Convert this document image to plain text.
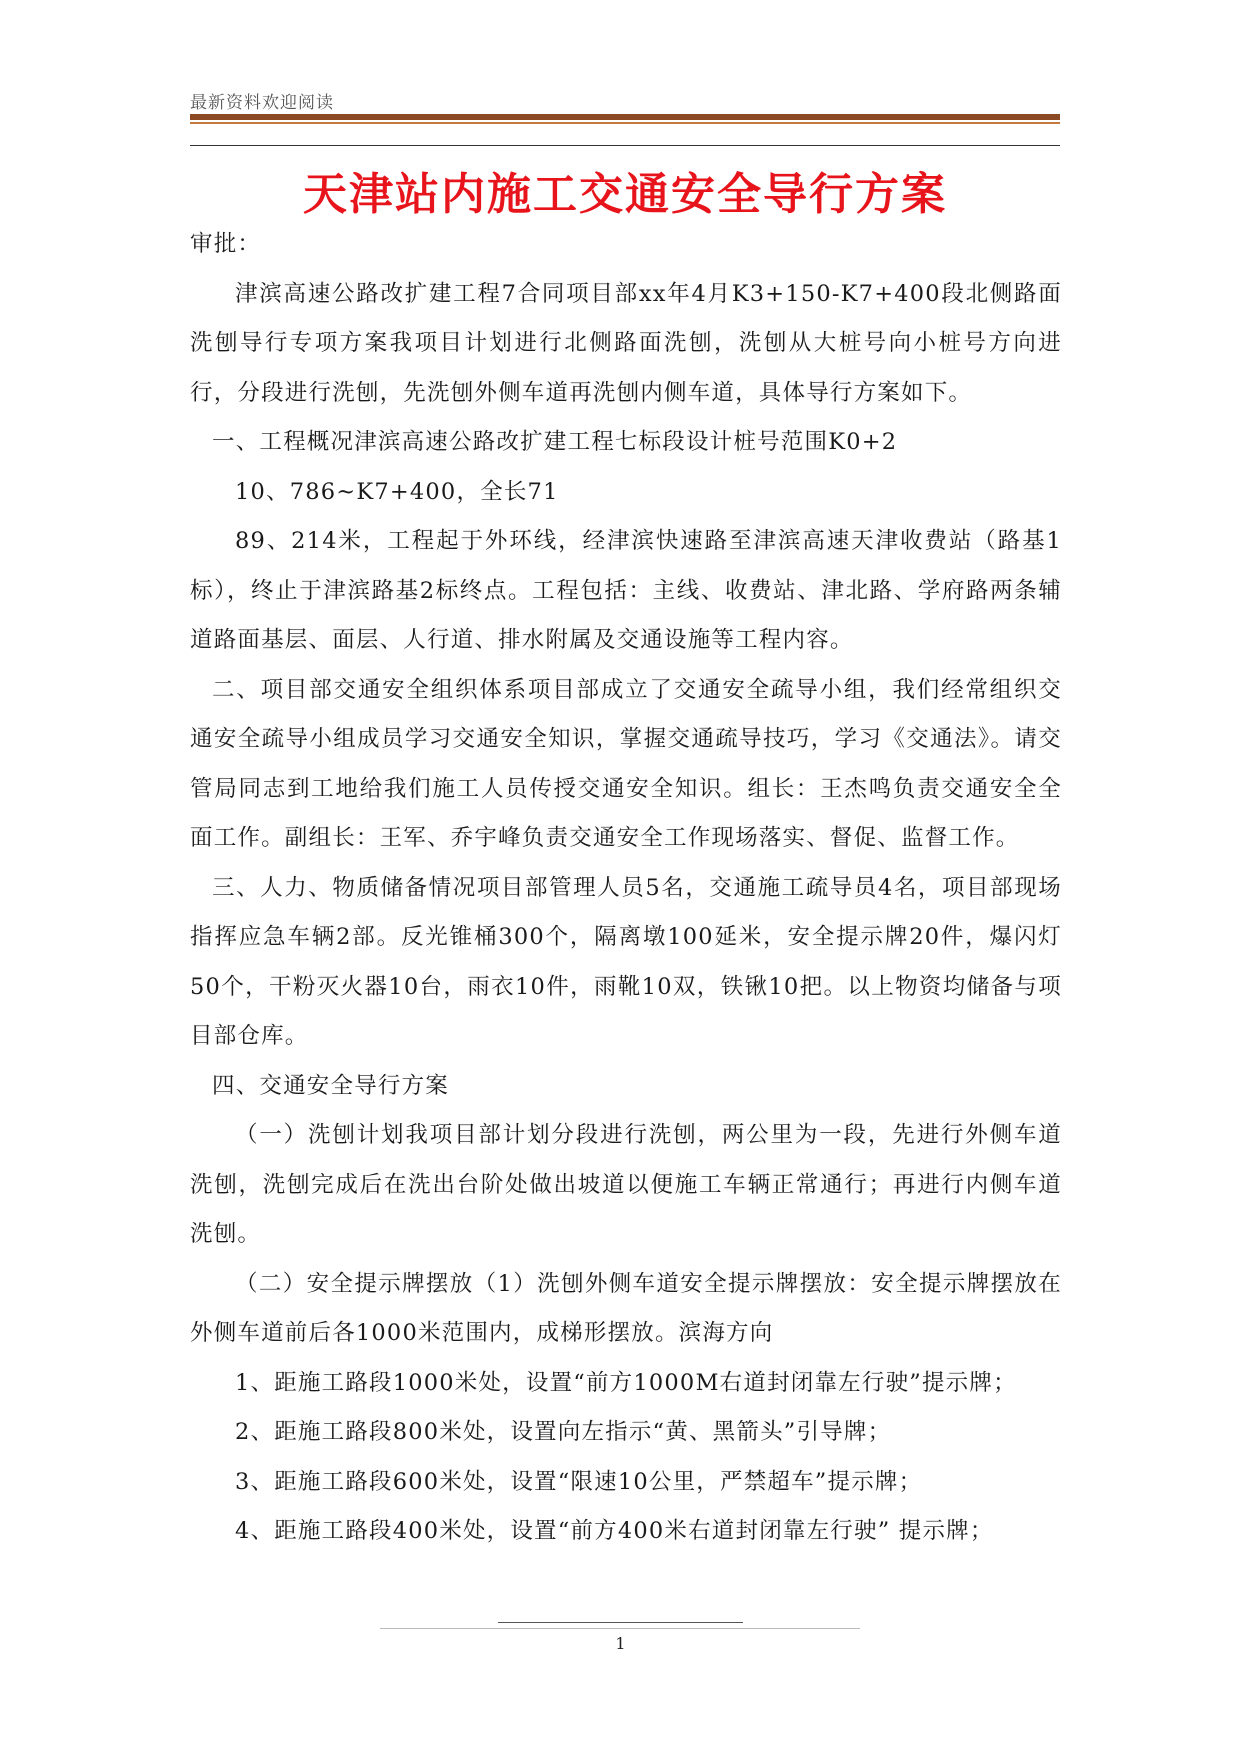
最新资料欢迎阅读
天津站内施工交通安全导行方案

审批：

津滨高速公路改扩建工程7合同项目部xx年4月K3+150-K7+400段北侧路面洗刨导行专项方案我项目计划进行北侧路面洗刨，洗刨从大桩号向小桩号方向进行，分段进行洗刨，先洗刨外侧车道再洗刨内侧车道，具体导行方案如下。

一、工程概况津滨高速公路改扩建工程七标段设计桩号范围K0+2

10、786~K7+400，全长71

89、214米，工程起于外环线，经津滨快速路至津滨高速天津收费站（路基1标），终止于津滨路基2标终点。工程包括：主线、收费站、津北路、学府路两条辅道路面基层、面层、人行道、排水附属及交通设施等工程内容。

二、项目部交通安全组织体系项目部成立了交通安全疏导小组，我们经常组织交通安全疏导小组成员学习交通安全知识，掌握交通疏导技巧，学习《交通法》。请交管局同志到工地给我们施工人员传授交通安全知识。组长：王杰鸣负责交通安全全面工作。副组长：王军、乔宇峰负责交通安全工作现场落实、督促、监督工作。

三、人力、物质储备情况项目部管理人员5名，交通施工疏导员4名，项目部现场指挥应急车辆2部。反光锥桶300个，隔离墩100延米，安全提示牌20件，爆闪灯50个，干粉灭火器10台，雨衣10件，雨靴10双，铁锹10把。以上物资均储备与项目部仓库。

四、交通安全导行方案

（一）洗刨计划我项目部计划分段进行洗刨，两公里为一段，先进行外侧车道洗刨，洗刨完成后在洗出台阶处做出坡道以便施工车辆正常通行；再进行内侧车道洗刨。

（二）安全提示牌摆放（1）洗刨外侧车道安全提示牌摆放：安全提示牌摆放在外侧车道前后各1000米范围内，成梯形摆放。滨海方向

1、距施工路段1000米处，设置“前方1000M右道封闭靠左行驶”提示牌；

2、距施工路段800米处，设置向左指示“黄、黑箭头”引导牌；

3、距施工路段600米处，设置“限速10公里，严禁超车”提示牌；

4、距施工路段400米处，设置“前方400米右道封闭靠左行驶” 提示牌；

1
